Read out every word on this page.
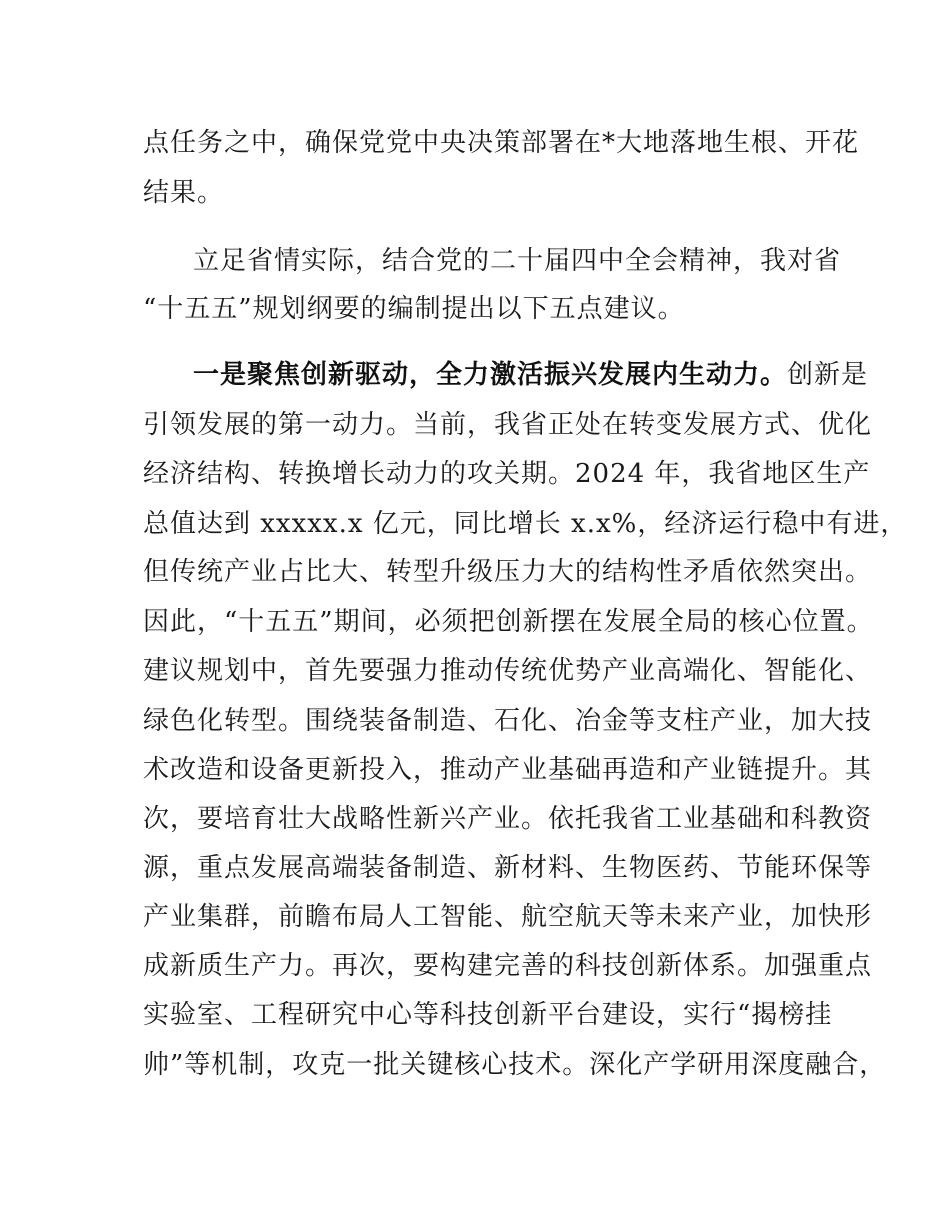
点任务之中，确保党党中央决策部署在*大地落地生根、开花
结果。
立足省情实际，结合党的二十届四中全会精神，我对省
“十五五”规划纲要的编制提出以下五点建议。
一是聚焦创新驱动，全力激活振兴发展内生动力。创新是
引领发展的第一动力。当前，我省正处在转变发展方式、优化
经济结构、转换增长动力的攻关期。2024 年，我省地区生产
总值达到 xxxxx.x 亿元，同比增长 x.x%，经济运行稳中有进，
但传统产业占比大、转型升级压力大的结构性矛盾依然突出。
因此，“十五五”期间，必须把创新摆在发展全局的核心位置。
建议规划中，首先要强力推动传统优势产业高端化、智能化、
绿色化转型。围绕装备制造、石化、冶金等支柱产业，加大技
术改造和设备更新投入，推动产业基础再造和产业链提升。其
次，要培育壮大战略性新兴产业。依托我省工业基础和科教资
源，重点发展高端装备制造、新材料、生物医药、节能环保等
产业集群，前瞻布局人工智能、航空航天等未来产业，加快形
成新质生产力。再次，要构建完善的科技创新体系。加强重点
实验室、工程研究中心等科技创新平台建设，实行“揭榜挂
帅”等机制，攻克一批关键核心技术。深化产学研用深度融合，
